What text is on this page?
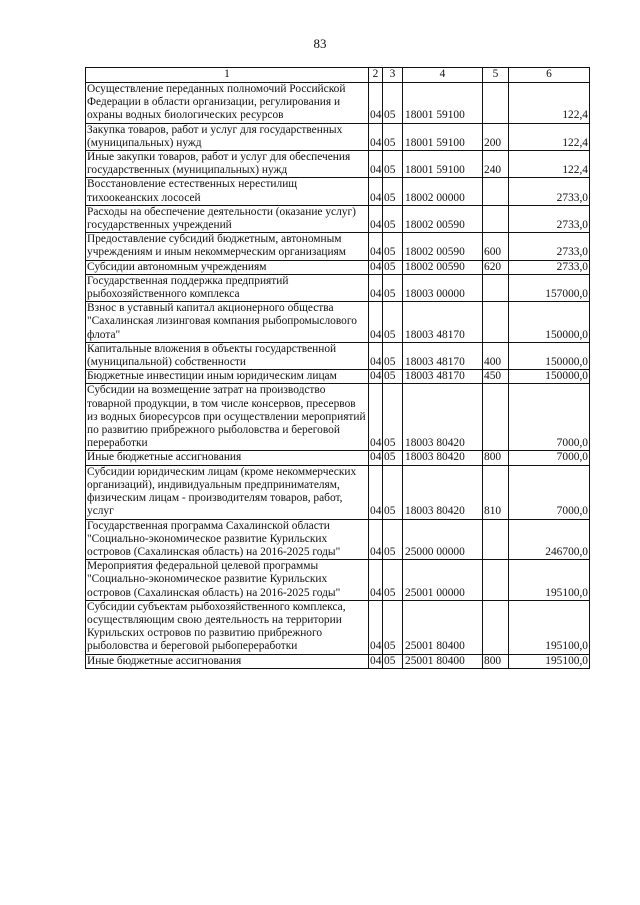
83
1	2	3	4	5	6
Осуществление переданных полномочий Российской Федерации в области организации, регулирования и охраны водных биологических ресурсов	04	05	18001 59100		122,4
Закупка товаров, работ и услуг для государственных (муниципальных) нужд	04	05	18001 59100	200	122,4
Иные закупки товаров, работ и услуг для обеспечения государственных (муниципальных) нужд	04	05	18001 59100	240	122,4
Восстановление естественных нерестилищ тихоокеанских лососей	04	05	18002 00000		2733,0
Расходы на обеспечение деятельности (оказание услуг) государственных учреждений	04	05	18002 00590		2733,0
Предоставление субсидий бюджетным, автономным учреждениям и иным некоммерческим организациям	04	05	18002 00590	600	2733,0
Субсидии автономным учреждениям	04	05	18002 00590	620	2733,0
Государственная поддержка предприятий рыбохозяйственного комплекса	04	05	18003 00000		157000,0
Взнос в уставный капитал акционерного общества "Сахалинская лизинговая компания рыбопромыслового флота"	04	05	18003 48170		150000,0
Капитальные вложения в объекты государственной (муниципальной) собственности	04	05	18003 48170	400	150000,0
Бюджетные инвестиции иным юридическим лицам	04	05	18003 48170	450	150000,0
Субсидии на возмещение затрат на производство товарной продукции, в том числе консервов, пресервов из водных биоресурсов при осуществлении мероприятий по развитию прибрежного рыболовства и береговой переработки	04	05	18003 80420		7000,0
Иные бюджетные ассигнования	04	05	18003 80420	800	7000,0
Субсидии юридическим лицам (кроме некоммерческих организаций), индивидуальным предпринимателям, физическим лицам - производителям товаров, работ, услуг	04	05	18003 80420	810	7000,0
Государственная программа Сахалинской области "Социально-экономическое развитие Курильских островов (Сахалинская область) на 2016-2025 годы"	04	05	25000 00000		246700,0
Мероприятия федеральной целевой программы "Социально-экономическое развитие Курильских островов (Сахалинская область) на 2016-2025 годы"	04	05	25001 00000		195100,0
Субсидии субъектам рыбохозяйственного комплекса, осуществляющим свою деятельность на территории Курильских островов по развитию прибрежного рыболовства и береговой рыбопереработки	04	05	25001 80400		195100,0
Иные бюджетные ассигнования	04	05	25001 80400	800	195100,0
